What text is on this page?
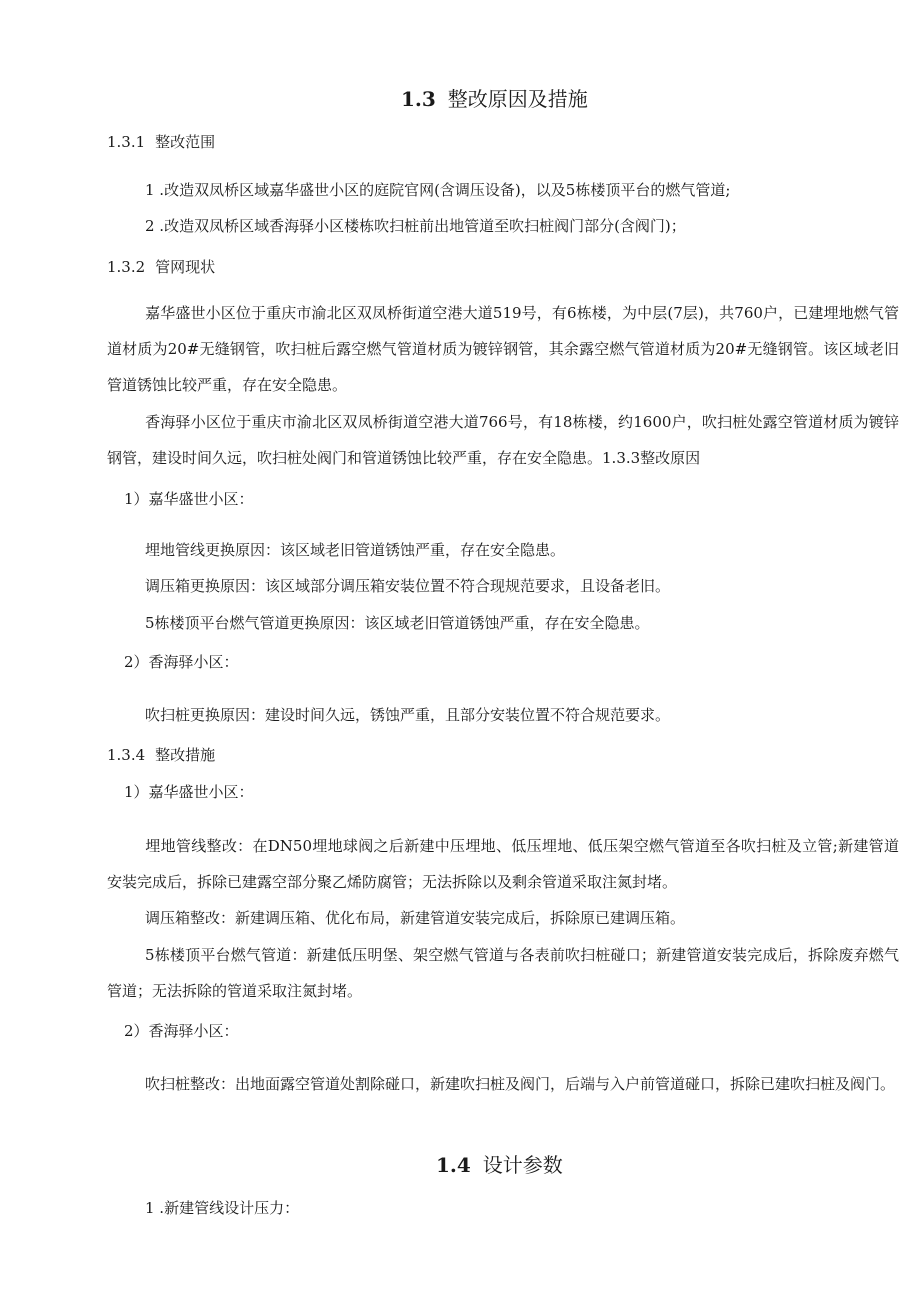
1.3 整改原因及措施
1.3.1 整改范围
1 .改造双凤桥区域嘉华盛世小区的庭院官网(含调压设备)，以及5栋楼顶平台的燃气管道;
2 .改造双凤桥区域香海驿小区楼栋吹扫桩前出地管道至吹扫桩阀门部分(含阀门)；
1.3.2 管网现状
嘉华盛世小区位于重庆市渝北区双凤桥街道空港大道519号，有6栋楼，为中层(7层)，共760户，已建埋地燃气管道材质为20#无缝钢管，吹扫桩后露空燃气管道材质为镀锌钢管，其余露空燃气管道材质为20#无缝钢管。该区域老旧管道锈蚀比较严重，存在安全隐患。
香海驿小区位于重庆市渝北区双凤桥街道空港大道766号，有18栋楼，约1600户，吹扫桩处露空管道材质为镀锌钢管，建设时间久远，吹扫桩处阀门和管道锈蚀比较严重，存在安全隐患。1.3.3整改原因
1）嘉华盛世小区：
埋地管线更换原因：该区域老旧管道锈蚀严重，存在安全隐患。
调压箱更换原因：该区域部分调压箱安装位置不符合现规范要求，且设备老旧。
5栋楼顶平台燃气管道更换原因：该区域老旧管道锈蚀严重，存在安全隐患。
2）香海驿小区：
吹扫桩更换原因：建设时间久远，锈蚀严重，且部分安装位置不符合规范要求。
1.3.4 整改措施
1）嘉华盛世小区：
埋地管线整改：在DN50埋地球阀之后新建中压埋地、低压埋地、低压架空燃气管道至各吹扫桩及立管;新建管道安装完成后，拆除已建露空部分聚乙烯防腐管；无法拆除以及剩余管道采取注氮封堵。
调压箱整改：新建调压箱、优化布局，新建管道安装完成后，拆除原已建调压箱。
5栋楼顶平台燃气管道：新建低压明堡、架空燃气管道与各表前吹扫桩碰口；新建管道安装完成后，拆除废弃燃气管道；无法拆除的管道采取注氮封堵。
2）香海驿小区：
吹扫桩整改：出地面露空管道处割除碰口，新建吹扫桩及阀门，后端与入户前管道碰口，拆除已建吹扫桩及阀门。
1.4 设计参数
1 .新建管线设计压力：
